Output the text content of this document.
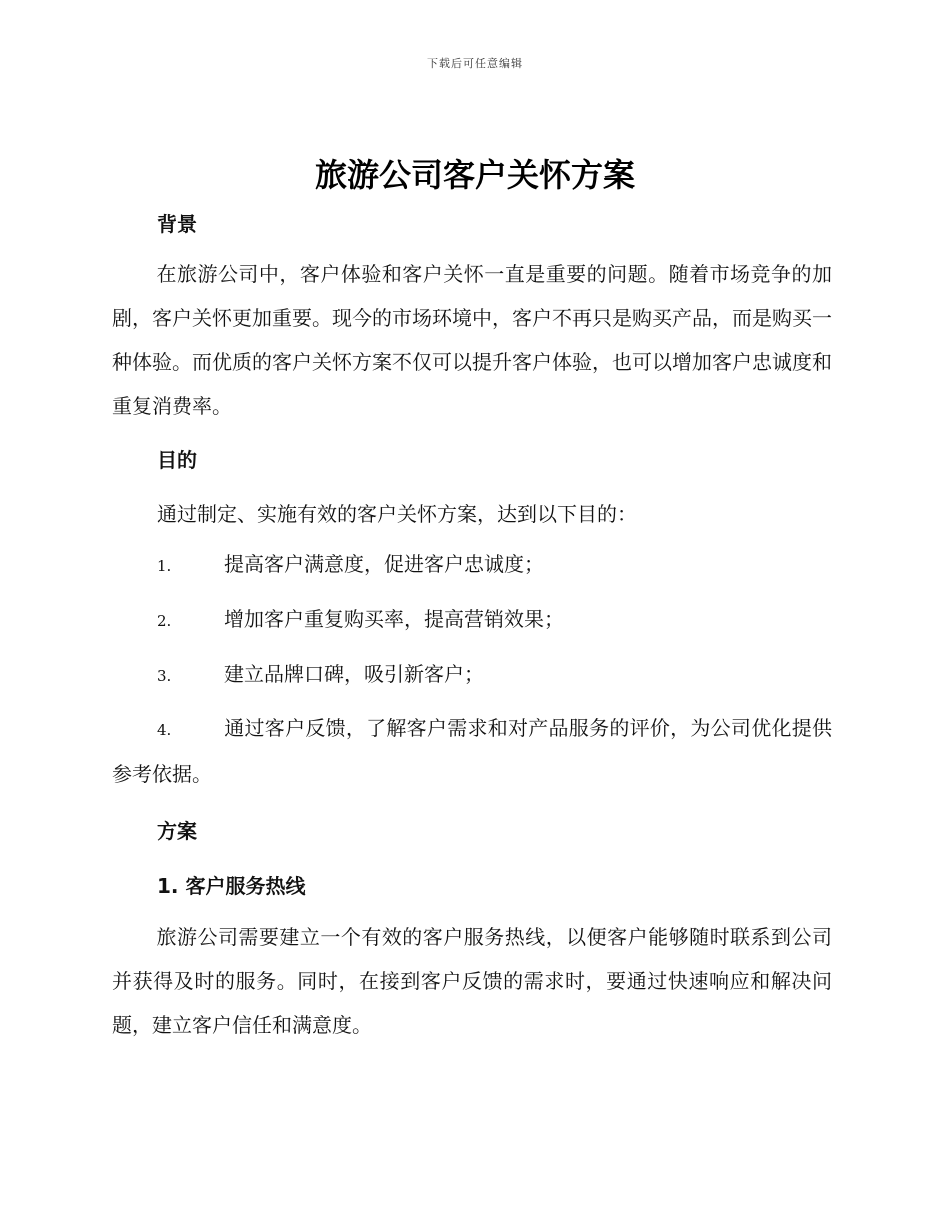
下载后可任意编辑
旅游公司客户关怀方案
背景

在旅游公司中，客户体验和客户关怀一直是重要的问题。随着市场竞争的加剧，客户关怀更加重要。现今的市场环境中，客户不再只是购买产品，而是购买一种体验。而优质的客户关怀方案不仅可以提升客户体验，也可以增加客户忠诚度和重复消费率。

目的

通过制定、实施有效的客户关怀方案，达到以下目的：

1.	提高客户满意度，促进客户忠诚度；

2.	增加客户重复购买率，提高营销效果；

3.	建立品牌口碑，吸引新客户；

4.	通过客户反馈，了解客户需求和对产品服务的评价，为公司优化提供参考依据。

方案
1. 客户服务热线

旅游公司需要建立一个有效的客户服务热线，以便客户能够随时联系到公司并获得及时的服务。同时，在接到客户反馈的需求时，要通过快速响应和解决问题，建立客户信任和满意度。
